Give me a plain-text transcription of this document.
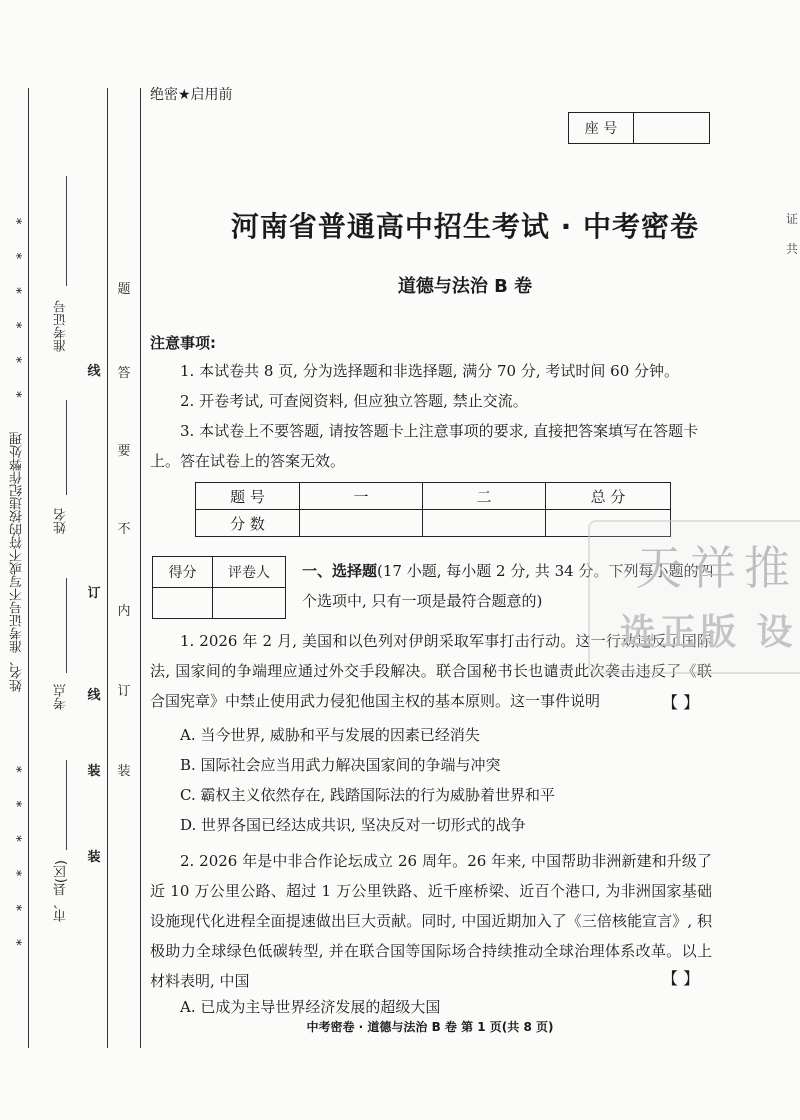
* * * * * *
* * * * * *
姓名、准考证号不写或不符的按违纪作弊处理
准考证号
姓名
考点
市、县(区)
线
订
线
装
装
题
答
要
不
内
订
装
绝密★启用前
座 号
河南省普通高中招生考试 · 中考密卷
道德与法治 B 卷
注意事项:
1. 本试卷共 8 页, 分为选择题和非选择题, 满分 70 分, 考试时间 60 分钟。
2. 开卷考试, 可查阅资料, 但应独立答题, 禁止交流。
3. 本试卷上不要答题, 请按答题卡上注意事项的要求, 直接把答案填写在答题卡
上。答在试卷上的答案无效。
题 号	一	二	总 分
分 数			
得分	评卷人
	一、选择题(17 小题, 每小题 2 分, 共 34 分。下列每小题的四个选项中, 只有一项是最符合题意的)
1. 2026 年 2 月, 美国和以色列对伊朗采取军事打击行动。这一行动违反了国际法, 国家间的争端理应通过外交手段解决。联合国秘书长也谴责此次袭击违反了《联合国宪章》中禁止使用武力侵犯他国主权的基本原则。这一事件说明	【 】
A. 当今世界, 威胁和平与发展的因素已经消失
B. 国际社会应当用武力解决国家间的争端与冲突
C. 霸权主义依然存在, 践踏国际法的行为威胁着世界和平
D. 世界各国已经达成共识, 坚决反对一切形式的战争
2. 2026 年是中非合作论坛成立 26 周年。26 年来, 中国帮助非洲新建和升级了近 10 万公里公路、超过 1 万公里铁路、近千座桥梁、近百个港口, 为非洲国家基础设施现代化进程全面提速做出巨大贡献。同时, 中国近期加入了《三倍核能宣言》, 积极助力全球绿色低碳转型, 并在联合国等国际场合持续推动全球治理体系改革。以上材料表明, 中国	【 】
A. 已成为主导世界经济发展的超级大国
中考密卷 · 道德与法治 B 卷 第 1 页(共 8 页)
天祥推
选正版 设
证
共
